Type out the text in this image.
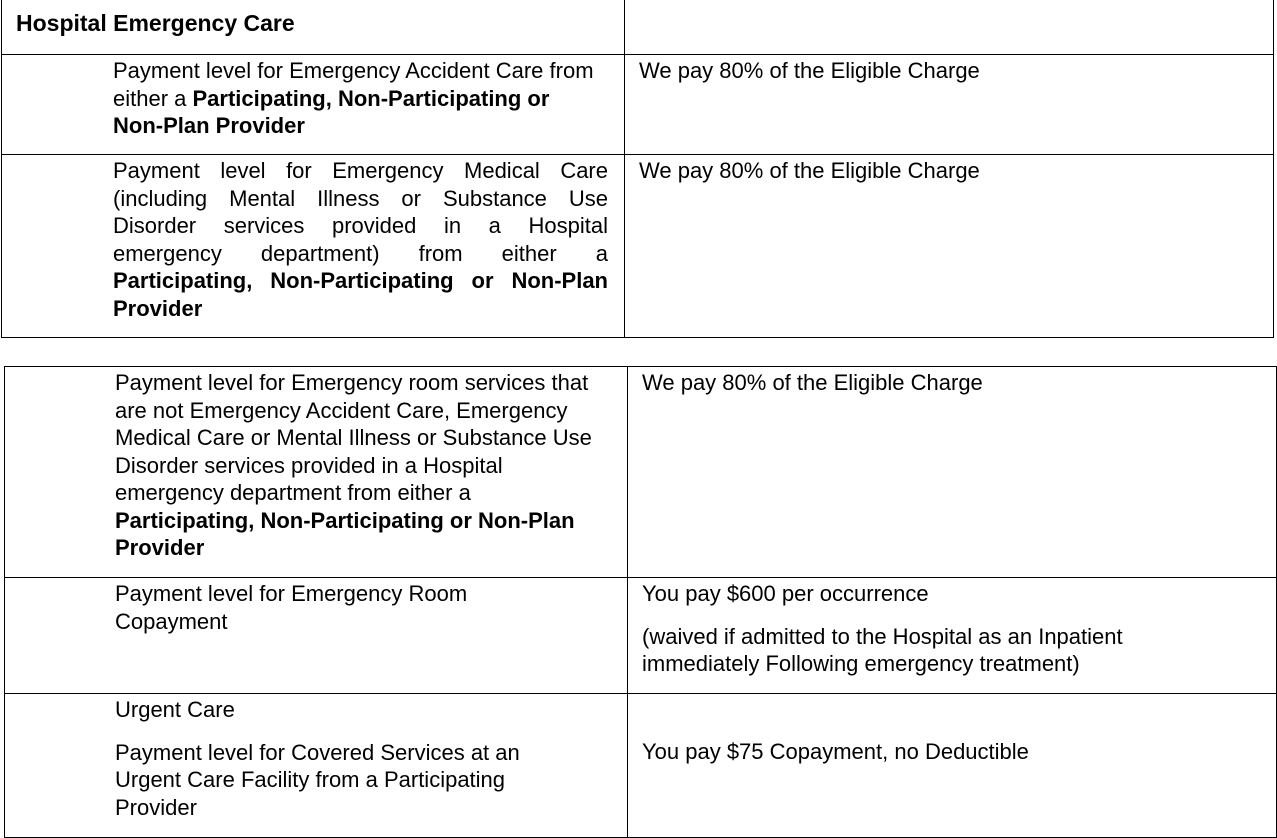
Hospital Emergency Care	

Payment level for Emergency Accident Care from either a Participating, Non-Participating or Non-Plan Provider	We pay 80% of the Eligible Charge

Payment level for Emergency Medical Care (including Mental Illness or Substance Use Disorder services provided in a Hospital emergency department) from either a Participating, Non-Participating or Non-Plan Provider	We pay 80% of the Eligible Charge
Payment level for Emergency room services that are not Emergency Accident Care, Emergency Medical Care or Mental Illness or Substance Use Disorder services provided in a Hospital emergency department from either a Participating, Non-Participating or Non-Plan Provider	We pay 80% of the Eligible Charge

Payment level for Emergency Room Copayment	You pay $600 per occurrence
(waived if admitted to the Hospital as an Inpatient immediately Following emergency treatment)

Urgent Care
Payment level for Covered Services at an Urgent Care Facility from a Participating Provider	You pay $75 Copayment, no Deductible
